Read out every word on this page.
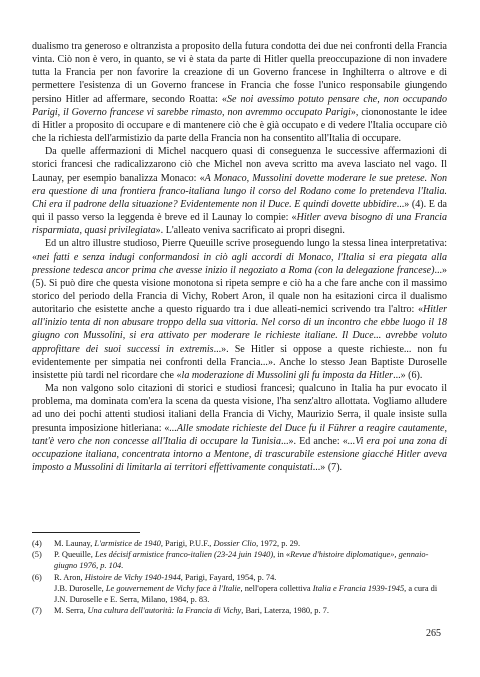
dualismo tra generoso e oltranzista a proposito della futura condotta dei due nei confronti della Francia vinta. Ciò non è vero, in quanto, se vi è stata da parte di Hitler quella preoccupazione di non invadere tutta la Francia per non favorire la creazione di un Governo francese in Inghilterra o altrove e di permettere l'esistenza di un Governo francese in Francia che fosse l'unico responsabile giungendo persino Hitler ad affermare, secondo Roatta: «Se noi avessimo potuto pensare che, non occupando Parigi, il Governo francese vi sarebbe rimasto, non avremmo occupato Parigi», ciononostante le idee di Hitler a proposito di occupare e di mantenere ciò che è già occupato e di vedere l'Italia occupare ciò che la richiesta dell'armistizio da parte della Francia non ha consentito all'Italia di occupare.

Da quelle affermazioni di Michel nacquero quasi di conseguenza le successive affermazioni di storici francesi che radicalizzarono ciò che Michel non aveva scritto ma aveva lasciato nel vago. Il Launay, per esempio banalizza Monaco: «A Monaco, Mussolini dovette moderare le sue pretese. Non era questione di una frontiera franco-italiana lungo il corso del Rodano come lo pretendeva l'Italia. Chi era il padrone della situazione? Evidentemente non il Duce. E quindi dovette ubbidire...» (4). E da qui il passo verso la leggenda è breve ed il Launay lo compie: «Hitler aveva bisogno di una Francia risparmiata, quasi privilegiata». L'alleato veniva sacrificato ai propri disegni.

Ed un altro illustre studioso, Pierre Queuille scrive proseguendo lungo la stessa linea interpretativa: «nei fatti e senza indugi conformandosi in ciò agli accordi di Monaco, l'Italia si era piegata alla pressione tedesca ancor prima che avesse inizio il negoziato a Roma (con la delegazione francese)...» (5). Si può dire che questa visione monotona si ripeta sempre e ciò ha a che fare anche con il massimo storico del periodo della Francia di Vichy, Robert Aron, il quale non ha esitazioni circa il dualismo autoritario che esistette anche a questo riguardo tra i due alleati-nemici scrivendo tra l'altro: «Hitler all'inizio tenta di non abusare troppo della sua vittoria. Nel corso di un incontro che ebbe luogo il 18 giugno con Mussolini, si era attivato per moderare le richieste italiane. Il Duce... avrebbe voluto approfittare dei suoi successi in extremis...». Se Hitler si oppose a queste richieste... non fu evidentemente per simpatia nei confronti della Francia...». Anche lo stesso Jean Baptiste Duroselle insistette più tardi nel ricordare che «la moderazione di Mussolini gli fu imposta da Hitler...» (6).

Ma non valgono solo citazioni di storici e studiosi francesi; qualcuno in Italia ha pur evocato il problema, ma dominata com'era la scena da questa visione, l'ha senz'altro allottata. Vogliamo alludere ad uno dei pochi attenti studiosi italiani della Francia di Vichy, Maurizio Serra, il quale insiste sulla presunta imposizione hitleriana: «...Alle smodate richieste del Duce fu il Führer a reagire cautamente, tant'è vero che non concesse all'Italia di occupare la Tunisia...». Ed anche: «...Vi era poi una zona di occupazione italiana, concentrata intorno a Mentone, di trascurabile estensione giacché Hitler aveva imposto a Mussolini di limitarla ai territori effettivamente conquistati...» (7).

(4)	M. Launay, L'armistice de 1940, Parigi, P.U.F., Dossier Clio, 1972, p. 29.
(5)	P. Queuille, Les décisif armistice franco-italien (23-24 juin 1940), in «Revue d'histoire diplomatique», gennaio-giugno 1976, p. 104.
(6)	R. Aron, Histoire de Vichy 1940-1944, Parigi, Fayard, 1954, p. 74.
J.B. Duroselle, Le gouvernement de Vichy face à l'Italie, nell'opera collettiva Italia e Francia 1939-1945, a cura di J.N. Duroselle e E. Serra, Milano, 1984, p. 83.
(7)	M. Serra, Una cultura dell'autorità: la Francia di Vichy, Bari, Laterza, 1980, p. 7.
265
